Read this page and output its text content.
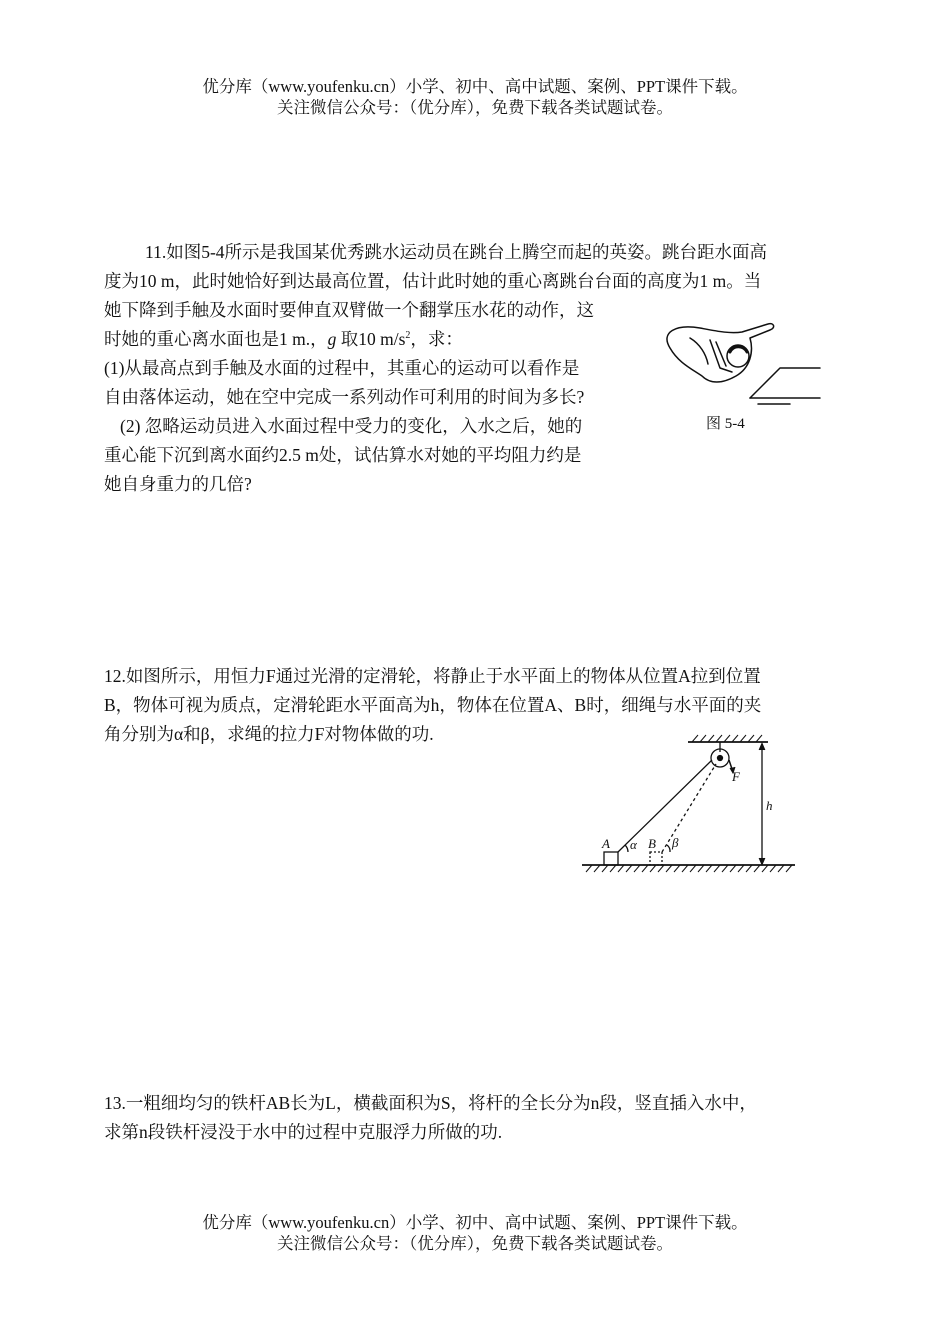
优分库（www.youfenku.cn）小学、初中、高中试题、案例、PPT课件下载。
关注微信公众号：（优分库），免费下载各类试题试卷。

11.如图5-4所示是我国某优秀跳水运动员在跳台上腾空而起的英姿。跳台距水面高

度为10 m，此时她恰好到达最高位置，估计此时她的重心离跳台台面的高度为1 m。当

她下降到手触及水面时要伸直双臂做一个翻掌压水花的动作，这

时她的重心离水面也是1 m.，g 取10 $m/s^2$，求：

(1)从最高点到手触及水面的过程中，其重心的运动可以看作是

自由落体运动，她在空中完成一系列动作可利用的时间为多长?

(2) 忽略运动员进入水面过程中受力的变化，入水之后，她的

重心能下沉到离水面约2.5 m处，试估算水对她的平均阻力约是

她自身重力的几倍?

图 5-4

12.如图所示，用恒力F通过光滑的定滑轮，将静止于水平面上的物体从位置A拉到位置

B，物体可视为质点，定滑轮距水平面高为h，物体在位置A、B时，细绳与水平面的夹

角分别为α和β，求绳的拉力F对物体做的功.

F
h
A α B β

13.一粗细均匀的铁杆AB长为L，横截面积为S，将杆的全长分为n段，竖直插入水中，

求第n段铁杆浸没于水中的过程中克服浮力所做的功.

优分库（www.youfenku.cn）小学、初中、高中试题、案例、PPT课件下载。
关注微信公众号：（优分库），免费下载各类试题试卷。
